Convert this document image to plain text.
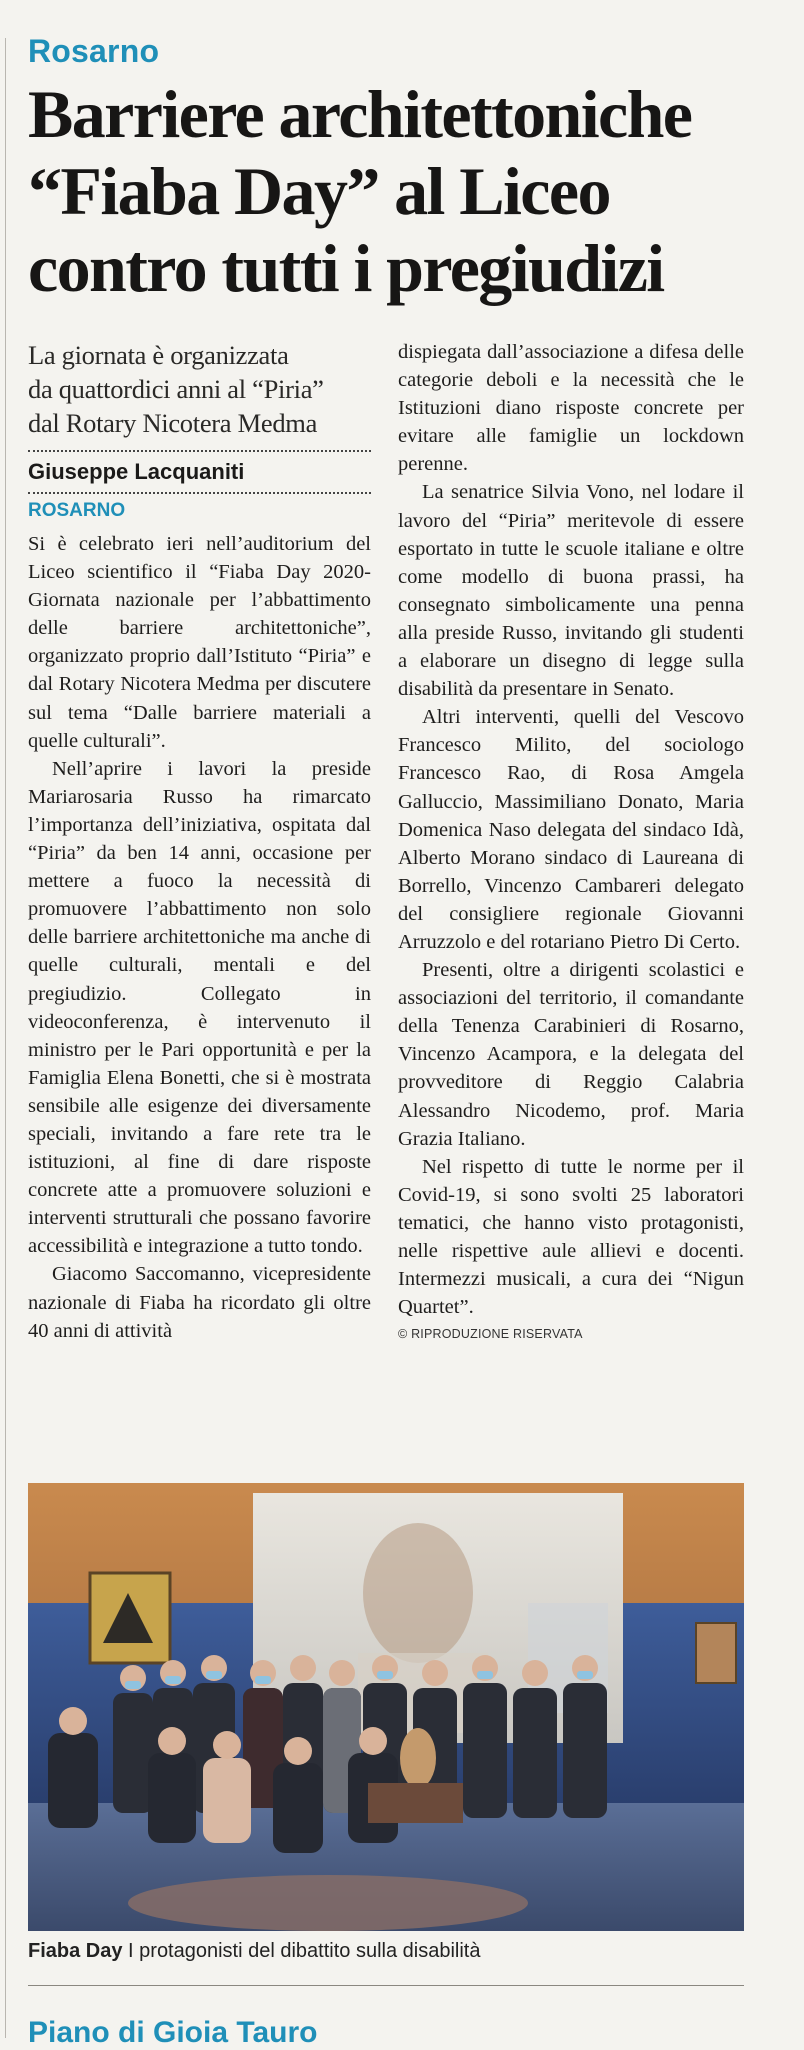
Rosarno
Barriere architettoniche
“Fiaba Day” al Liceo
contro tutti i pregiudizi
La giornata è organizzata
da quattordici anni al “Piria”
dal Rotary Nicotera Medma
Giuseppe Lacquaniti
ROSARNO

Si è celebrato ieri nell’auditorium del Liceo scientifico il “Fiaba Day 2020-Giornata nazionale per l’abbattimento delle barriere architettoniche”, organizzato proprio dall’Istituto “Piria” e dal Rotary Nicotera Medma per discutere sul tema “Dalle barriere materiali a quelle culturali”.

Nell’aprire i lavori la preside Mariarosaria Russo ha rimarcato l’importanza dell’iniziativa, ospitata dal “Piria” da ben 14 anni, occasione per mettere a fuoco la necessità di promuovere l’abbattimento non solo delle barriere architettoniche ma anche di quelle culturali, mentali e del pregiudizio. Collegato in videoconferenza, è intervenuto il ministro per le Pari opportunità e per la Famiglia Elena Bonetti, che si è mostrata sensibile alle esigenze dei diversamente speciali, invitando a fare rete tra le istituzioni, al fine di dare risposte concrete atte a promuovere soluzioni e interventi strutturali che possano favorire accessibilità e integrazione a tutto tondo.

Giacomo Saccomanno, vicepresidente nazionale di Fiaba ha ricordato gli oltre 40 anni di attività

dispiegata dall’associazione a difesa delle categorie deboli e la necessità che le Istituzioni diano risposte concrete per evitare alle famiglie un lockdown perenne.

La senatrice Silvia Vono, nel lodare il lavoro del “Piria” meritevole di essere esportato in tutte le scuole italiane e oltre come modello di buona prassi, ha consegnato simbolicamente una penna alla preside Russo, invitando gli studenti a elaborare un disegno di legge sulla disabilità da presentare in Senato.

Altri interventi, quelli del Vescovo Francesco Milito, del sociologo Francesco Rao, di Rosa Amgela Galluccio, Massimiliano Donato, Maria Domenica Naso delegata del sindaco Idà, Alberto Morano sindaco di Laureana di Borrello, Vincenzo Cambareri delegato del consigliere regionale Giovanni Arruzzolo e del rotariano Pietro Di Certo.

Presenti, oltre a dirigenti scolastici e associazioni del territorio, il comandante della Tenenza Carabinieri di Rosarno, Vincenzo Acampora, e la delegata del provveditore di Reggio Calabria Alessandro Nicodemo, prof. Maria Grazia Italiano.

Nel rispetto di tutte le norme per il Covid-19, si sono svolti 25 laboratori tematici, che hanno visto protagonisti, nelle rispettive aule allievi e docenti. Intermezzi musicali, a cura dei “Nigun Quartet”.

© RIPRODUZIONE RISERVATA
Fiaba Day I protagonisti del dibattito sulla disabilità
Piano di Gioia Tauro
